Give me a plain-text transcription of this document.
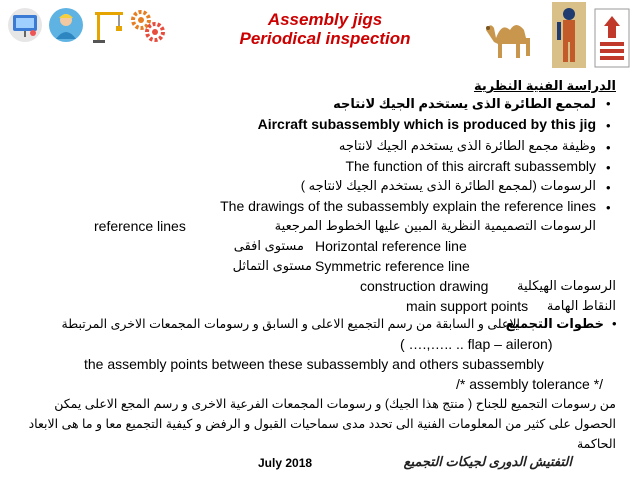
Assembly jigs
Periodical inspection
الدراسة الفنية النظرية
•
لمجمع الطائرة الذى يستخدم الجيك لانتاجه
•
Aircraft subassembly which is produced by this jig
•
وظيفة مجمع الطائرة الذى يستخدم الجيك لانتاجه
•
The function of this aircraft subassembly
•
الرسومات (لمجمع الطائرة الذى يستخدم الجيك لانتاجه )
•
The drawings of the subassembly explain the reference lines
الرسومات التصميمية النظرية المبين عليها الخطوط المرجعية
reference lines
Horizontal reference line
مستوى افقى
Symmetric reference line
مستوى التماثل
construction drawing الرسومات الهيكلية
main support points النقاط الهامة
•
خطوات التجميع
الاعلى و السابقة من رسم التجميع الاعلى و السابق و رسومات المجمعات الاخرى المرتبطة
( ….,….. .. flap – aileron)
the assembly points between these subassembly and others subassembly
/* assembly tolerance */
من رسومات التجميع للجناح ( منتج هذا الجيك) و رسومات المجمعات الفرعية الاخرى و رسم المجع الاعلى يمكن
الحصول على كثير من المعلومات الفنية الى تحدد مدى سماحيات القبول و الرفض و كيفية التجميع معا و ما هى الابعاد
الحاكمة
July 2018	التفتيش الدورى لجيكات التجميع
